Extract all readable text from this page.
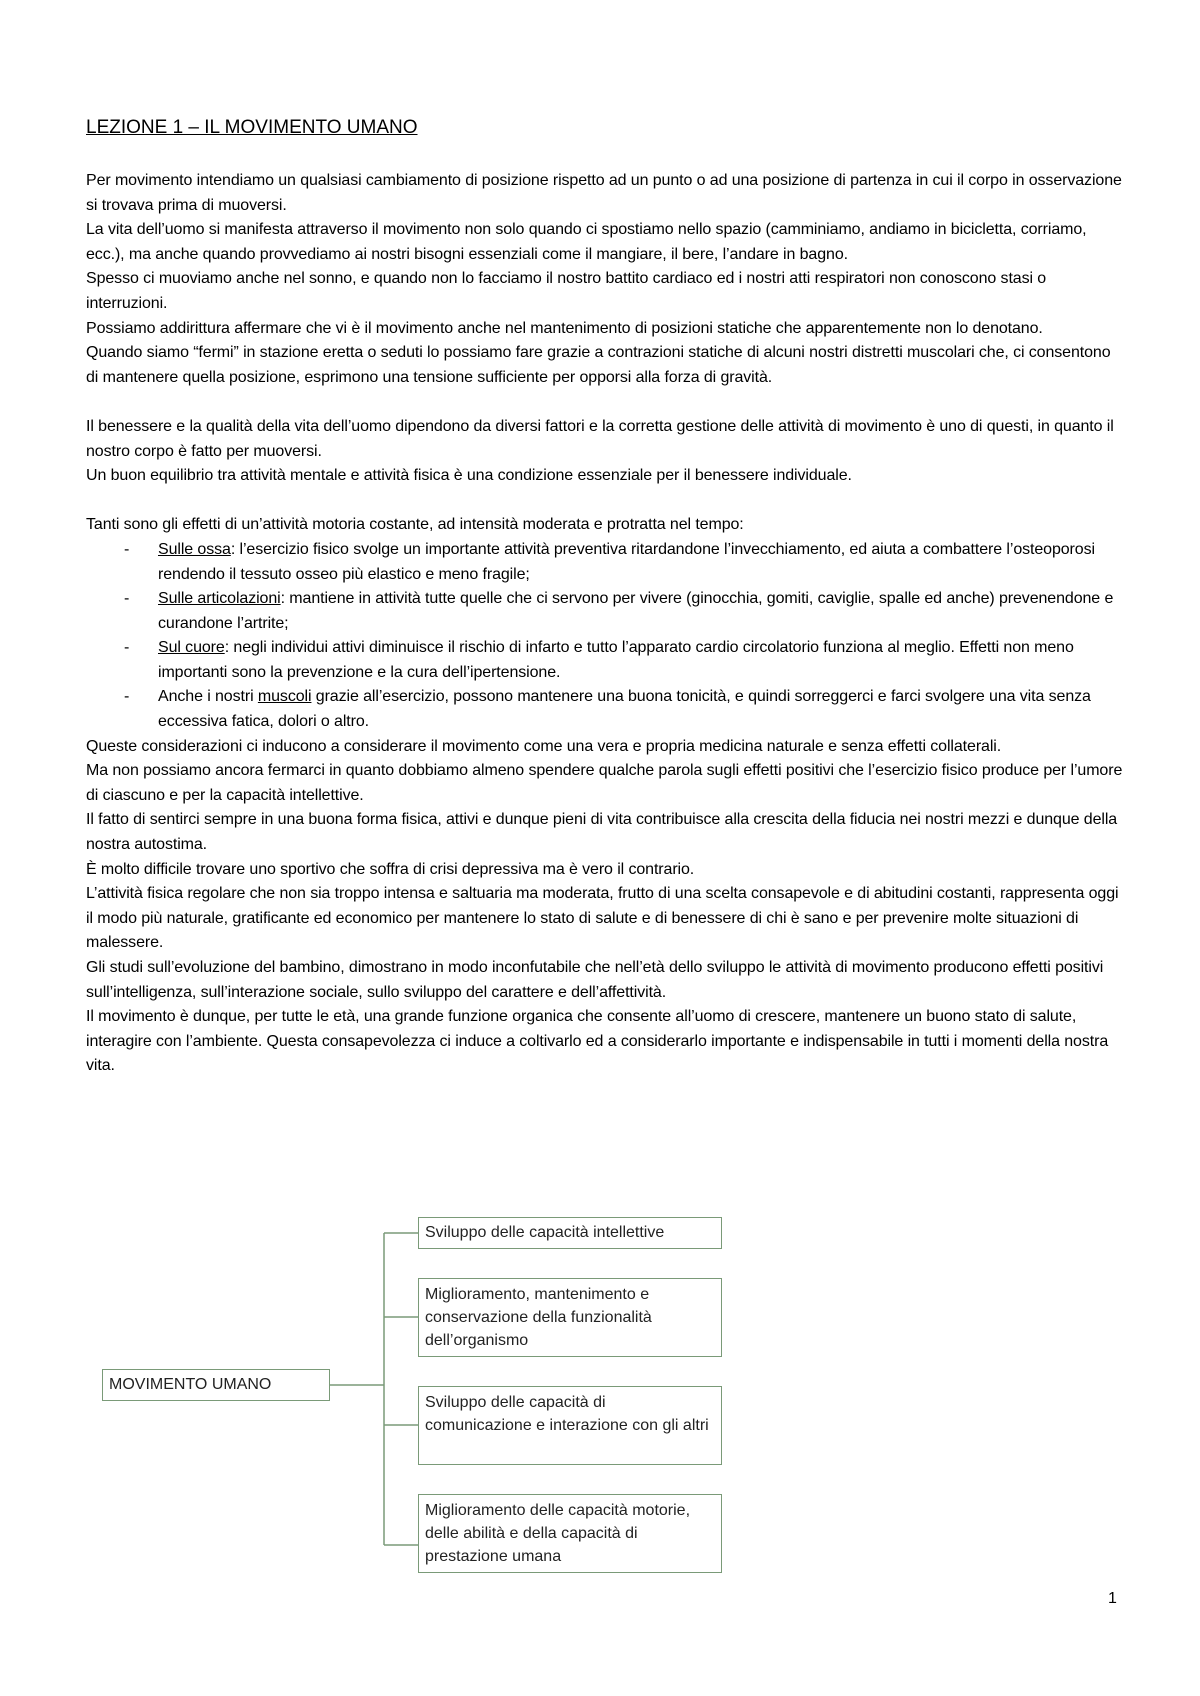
LEZIONE 1 – IL MOVIMENTO UMANO

Per movimento intendiamo un qualsiasi cambiamento di posizione rispetto ad un punto o ad una posizione di partenza in cui il corpo in osservazione si trovava prima di muoversi.

La vita dell’uomo si manifesta attraverso il movimento non solo quando ci spostiamo nello spazio (camminiamo, andiamo in bicicletta, corriamo, ecc.), ma anche quando provvediamo ai nostri bisogni essenziali come il mangiare, il bere, l’andare in bagno.

Spesso ci muoviamo anche nel sonno, e quando non lo facciamo il nostro battito cardiaco ed i nostri atti respiratori non conoscono stasi o interruzioni.

Possiamo addirittura affermare che vi è il movimento anche nel mantenimento di posizioni statiche che apparentemente non lo denotano.

Quando siamo “fermi” in stazione eretta o seduti lo possiamo fare grazie a contrazioni statiche di alcuni nostri distretti muscolari che, ci consentono di mantenere quella posizione, esprimono una tensione sufficiente per opporsi alla forza di gravità.

Il benessere e la qualità della vita dell’uomo dipendono da diversi fattori e la corretta gestione delle attività di movimento è uno di questi, in quanto il nostro corpo è fatto per muoversi.

Un buon equilibrio tra attività mentale e attività fisica è una condizione essenziale per il benessere individuale.

Tanti sono gli effetti di un’attività motoria costante, ad intensità moderata e protratta nel tempo:

- Sulle ossa: l’esercizio fisico svolge un importante attività preventiva ritardandone l’invecchiamento, ed aiuta a combattere l’osteoporosi rendendo il tessuto osseo più elastico e meno fragile;
- Sulle articolazioni: mantiene in attività tutte quelle che ci servono per vivere (ginocchia, gomiti, caviglie, spalle ed anche) prevenendone e curandone l’artrite;
- Sul cuore: negli individui attivi diminuisce il rischio di infarto e tutto l’apparato cardio circolatorio funziona al meglio. Effetti non meno importanti sono la prevenzione e la cura dell’ipertensione.
- Anche i nostri muscoli grazie all’esercizio, possono mantenere una buona tonicità, e quindi sorreggerci e farci svolgere una vita senza eccessiva fatica, dolori o altro.

Queste considerazioni ci inducono a considerare il movimento come una vera e propria medicina naturale e senza effetti collaterali.

Ma non possiamo ancora fermarci in quanto dobbiamo almeno spendere qualche parola sugli effetti positivi che l’esercizio fisico produce per l’umore di ciascuno e per la capacità intellettive.

Il fatto di sentirci sempre in una buona forma fisica, attivi e dunque pieni di vita contribuisce alla crescita della fiducia nei nostri mezzi e dunque della nostra autostima.

È molto difficile trovare uno sportivo che soffra di crisi depressiva ma è vero il contrario.

L’attività fisica regolare che non sia troppo intensa e saltuaria ma moderata, frutto di una scelta consapevole e di abitudini costanti, rappresenta oggi il modo più naturale, gratificante ed economico per mantenere lo stato di salute e di benessere di chi è sano e per prevenire molte situazioni di malessere.

Gli studi sull’evoluzione del bambino, dimostrano in modo inconfutabile che nell’età dello sviluppo le attività di movimento producono effetti positivi sull’intelligenza, sull’interazione sociale, sullo sviluppo del carattere e dell’affettività.

Il movimento è dunque, per tutte le età, una grande funzione organica che consente all’uomo di crescere, mantenere un buono stato di salute, interagire con l’ambiente. Questa consapevolezza ci induce a coltivarlo ed a considerarlo importante e indispensabile in tutti i momenti della nostra vita.

MOVIMENTO UMANO
Sviluppo delle capacità intellettive
Miglioramento, mantenimento e conservazione della funzionalità dell’organismo
Sviluppo delle capacità di comunicazione e interazione con gli altri
Miglioramento delle capacità motorie, delle abilità e della capacità di prestazione umana
1
